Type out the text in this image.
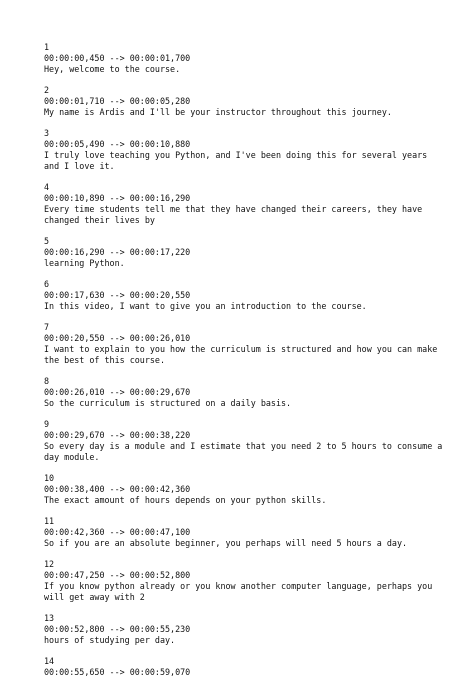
1
00:00:00,450 --> 00:00:01,700
Hey, welcome to the course.
2
00:00:01,710 --> 00:00:05,280
My name is Ardis and I'll be your instructor throughout this journey.
3
00:00:05,490 --> 00:00:10,880
I truly love teaching you Python, and I've been doing this for several years and I love it.
4
00:00:10,890 --> 00:00:16,290
Every time students tell me that they have changed their careers, they have changed their lives by
5
00:00:16,290 --> 00:00:17,220
learning Python.
6
00:00:17,630 --> 00:00:20,550
In this video, I want to give you an introduction to the course.
7
00:00:20,550 --> 00:00:26,010
I want to explain to you how the curriculum is structured and how you can make the best of this course.
8
00:00:26,010 --> 00:00:29,670
So the curriculum is structured on a daily basis.
9
00:00:29,670 --> 00:00:38,220
So every day is a module and I estimate that you need 2 to 5 hours to consume a day module.
10
00:00:38,400 --> 00:00:42,360
The exact amount of hours depends on your python skills.
11
00:00:42,360 --> 00:00:47,100
So if you are an absolute beginner, you perhaps will need 5 hours a day.
12
00:00:47,250 --> 00:00:52,800
If you know python already or you know another computer language, perhaps you will get away with 2
13
00:00:52,800 --> 00:00:55,230
hours of studying per day.
14
00:00:55,650 --> 00:00:59,070
